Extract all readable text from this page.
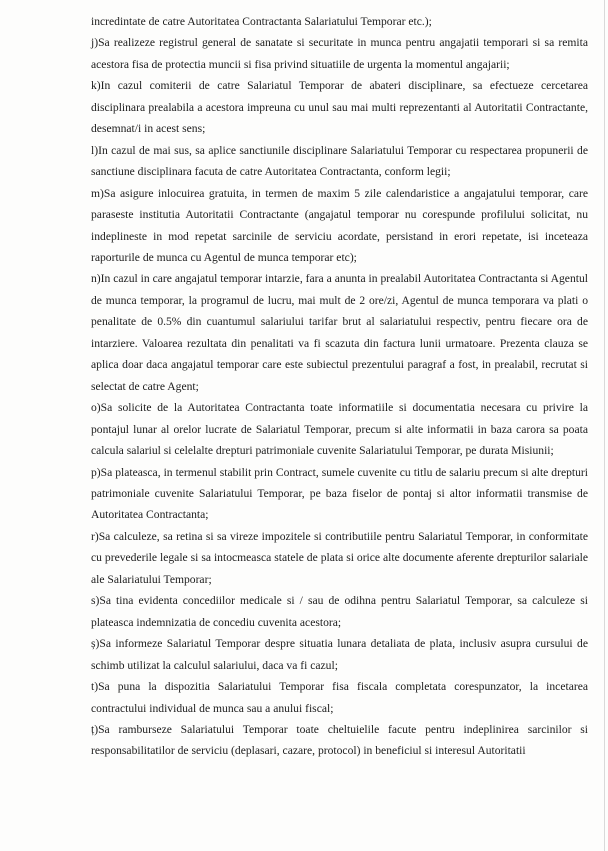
incredintate de catre Autoritatea Contractanta Salariatului Temporar etc.);

j)Sa realizeze registrul general de sanatate si securitate in munca pentru angajatii temporari si sa remita acestora fisa de protectia muncii si fisa privind situatiile de urgenta la momentul angajarii;

k)In cazul comiterii de catre Salariatul Temporar de abateri disciplinare, sa efectueze cercetarea disciplinara prealabila a acestora impreuna cu unul sau mai multi reprezentanti al Autoritatii Contractante, desemnat/i in acest sens;

l)In cazul de mai sus, sa aplice sanctiunile disciplinare Salariatului Temporar cu respectarea propunerii de sanctiune disciplinara facuta de catre Autoritatea Contractanta, conform legii;

m)Sa asigure inlocuirea gratuita, in termen de maxim 5 zile calendaristice a angajatului temporar, care paraseste institutia Autoritatii Contractante (angajatul temporar nu corespunde profilului solicitat, nu indeplineste in mod repetat sarcinile de serviciu acordate, persistand in erori repetate, isi inceteaza raporturile de munca cu Agentul de munca temporar etc);

n)In cazul in care angajatul temporar intarzie, fara a anunta in prealabil Autoritatea Contractanta si Agentul de munca temporar, la programul de lucru, mai mult de 2 ore/zi, Agentul de munca temporara va plati o penalitate de 0.5% din cuantumul salariului tarifar brut al salariatului respectiv, pentru fiecare ora de intarziere. Valoarea rezultata din penalitati va fi scazuta din factura lunii urmatoare. Prezenta clauza se aplica doar daca angajatul temporar care este subiectul prezentului paragraf a fost, in prealabil, recrutat si selectat de catre Agent;

o)Sa solicite de la Autoritatea Contractanta toate informatiile si documentatia necesara cu privire la pontajul lunar al orelor lucrate de Salariatul Temporar, precum si alte informatii in baza carora sa poata calcula salariul si celelalte drepturi patrimoniale cuvenite Salariatului Temporar, pe durata Misiunii;

p)Sa plateasca, in termenul stabilit prin Contract, sumele cuvenite cu titlu de salariu precum si alte drepturi patrimoniale cuvenite Salariatului Temporar, pe baza fiselor de pontaj si altor informatii transmise de Autoritatea Contractanta;

r)Sa calculeze, sa retina si sa vireze impozitele si contributiile pentru Salariatul Temporar, in conformitate cu prevederile legale si sa intocmeasca statele de plata si orice alte documente aferente drepturilor salariale ale Salariatului Temporar;

s)Sa tina evidenta concediilor medicale si / sau de odihna pentru Salariatul Temporar, sa calculeze si plateasca indemnizatia de concediu cuvenita acestora;

ș)Sa informeze Salariatul Temporar despre situatia lunara detaliata de plata, inclusiv asupra cursului de schimb utilizat la calculul salariului, daca va fi cazul;

t)Sa puna la dispozitia Salariatului Temporar fisa fiscala completata corespunzator, la incetarea contractului individual de munca sau a anului fiscal;

ț)Sa ramburseze Salariatului Temporar toate cheltuielile facute pentru indeplinirea sarcinilor si responsabilitatilor de serviciu (deplasari, cazare, protocol) in beneficiul si interesul Autoritatii
